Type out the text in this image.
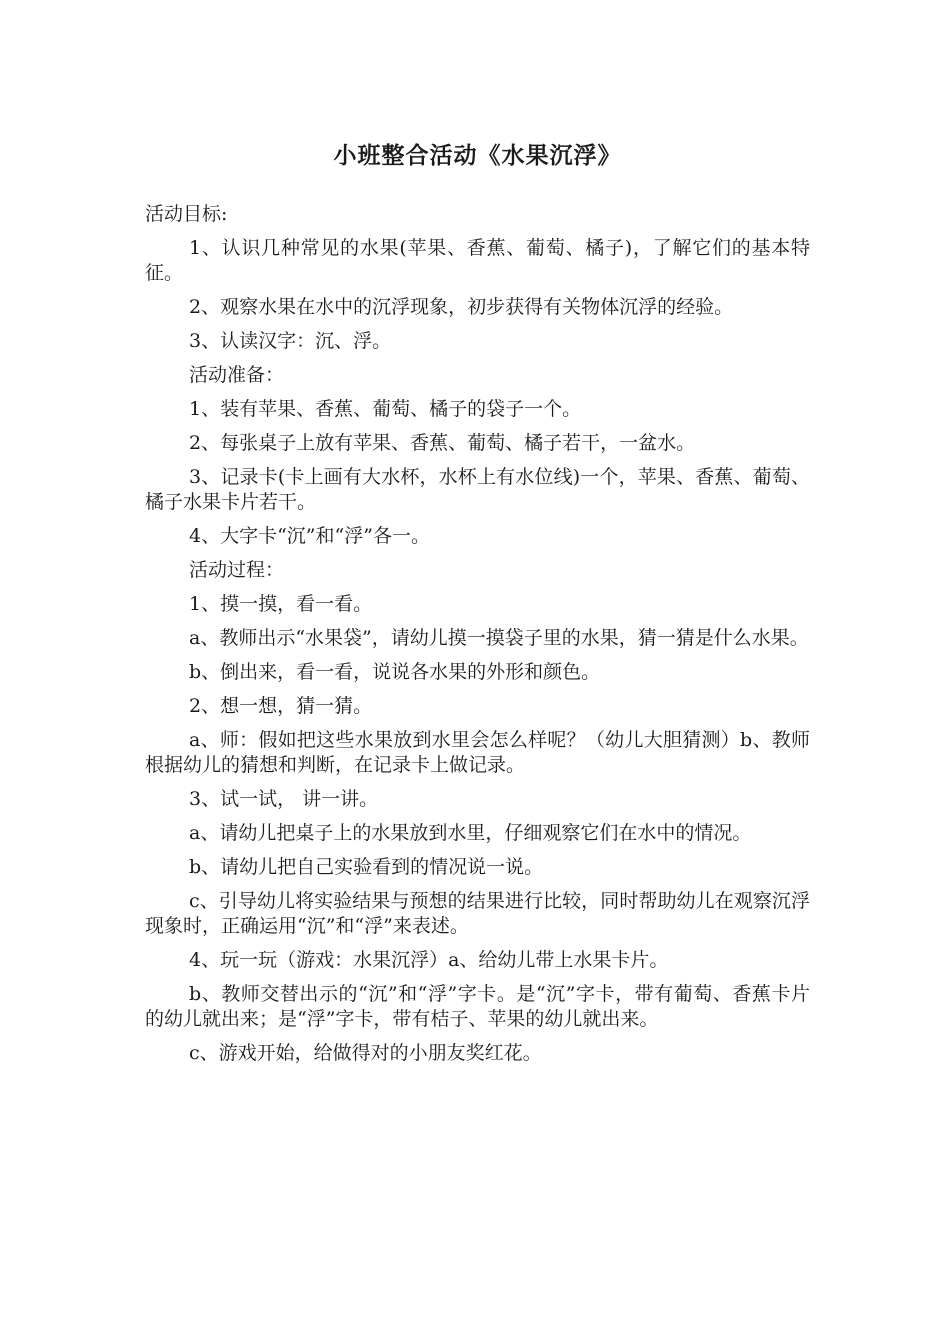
小班整合活动《水果沉浮》

活动目标:

1、认识几种常见的水果(苹果、香蕉、葡萄、橘子)，了解它们的基本特征。

2、观察水果在水中的沉浮现象，初步获得有关物体沉浮的经验。

3、认读汉字：沉、浮。

活动准备：

1、装有苹果、香蕉、葡萄、橘子的袋子一个。

2、每张桌子上放有苹果、香蕉、葡萄、橘子若干，一盆水。

3、记录卡(卡上画有大水杯，水杯上有水位线)一个，苹果、香蕉、葡萄、橘子水果卡片若干。

4、大字卡“沉”和“浮”各一。

活动过程：

1、摸一摸，看一看。

a、教师出示“水果袋”，请幼儿摸一摸袋子里的水果，猜一猜是什么水果。

b、倒出来，看一看，说说各水果的外形和颜色。

2、想一想，猜一猜。

a、师：假如把这些水果放到水里会怎么样呢？（幼儿大胆猜测）b、教师根据幼儿的猜想和判断，在记录卡上做记录。

3、试一试， 讲一讲。

a、请幼儿把桌子上的水果放到水里，仔细观察它们在水中的情况。

b、请幼儿把自己实验看到的情况说一说。

c、引导幼儿将实验结果与预想的结果进行比较，同时帮助幼儿在观察沉浮现象时，正确运用“沉”和“浮”来表述。

4、玩一玩（游戏：水果沉浮）a、给幼儿带上水果卡片。

b、教师交替出示的“沉”和“浮”字卡。是“沉”字卡，带有葡萄、香蕉卡片的幼儿就出来；是“浮”字卡，带有桔子、苹果的幼儿就出来。

c、游戏开始，给做得对的小朋友奖红花。
